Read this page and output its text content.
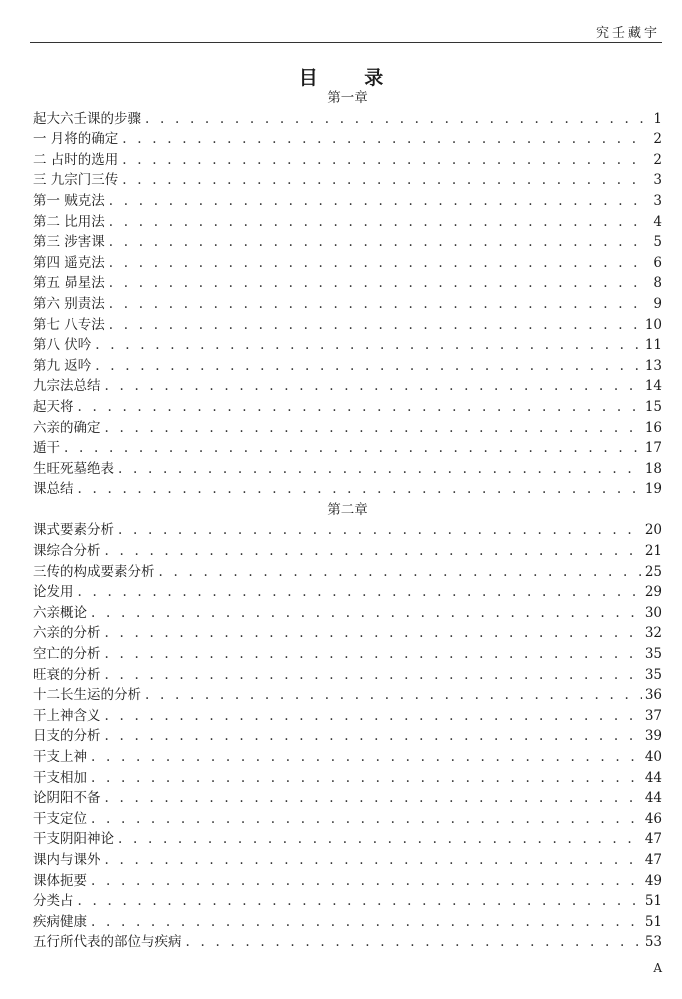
究壬藏宇
目 录
第一章
起大六壬课的步骤 . . .	1
一 月将的确定 . . .	2
二 占时的选用 . . .	2
三 九宗门三传 . . .	3
第一 贼克法 . . .	3
第二 比用法 . . .	4
第三 涉害课 . . .	5
第四 遥克法 . . .	6
第五 昴星法 . . .	8
第六 别责法 . . .	9
第七 八专法 . . .	10
第八 伏吟 . . .	11
第九 返吟 . . .	13
九宗法总结 . . .	14
起天将 . . .	15
六亲的确定 . . .	16
遁干 . . .	17
生旺死墓绝表 . . .	18
课总结 . . .	19
第二章
课式要素分析 . . .	20
课综合分析 . . .	21
三传的构成要素分析 . . .	25
论发用 . . .	29
六亲概论 . . .	30
六亲的分析 . . .	32
空亡的分析 . . .	35
旺衰的分析 . . .	35
十二长生运的分析 . . .	36
干上神含义 . . .	37
日支的分析 . . .	39
干支上神 . . .	40
干支相加 . . .	44
论阴阳不备 . . .	44
干支定位 . . .	46
干支阴阳神论 . . .	47
课内与课外 . . .	47
课体扼要 . . .	49
分类占 . . .	51
疾病健康 . . .	51
五行所代表的部位与疾病 . . .	53
A
